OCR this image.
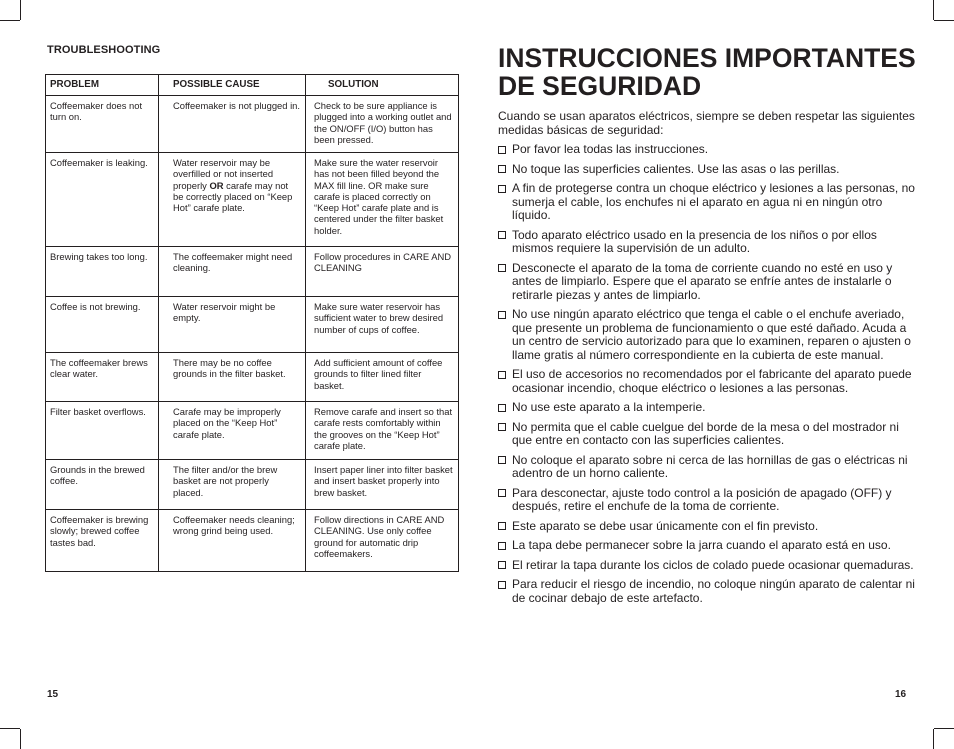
TROUBLESHOOTING
PROBLEM	POSSIBLE CAUSE	SOLUTION
Coffeemaker does not turn on.	Coffeemaker is not plugged in.	Check to be sure appliance is plugged into a working outlet and the ON/OFF (I/O) button has been pressed.
Coffeemaker is leaking.	Water reservoir may be overfilled or not inserted properly OR carafe may not be correctly placed on “Keep Hot” carafe plate.	Make sure the water reservoir has not been filled beyond the MAX fill line. OR make sure carafe is placed correctly on “Keep Hot” carafe plate and is centered under the filter basket holder.
Brewing takes too long.	The coffeemaker might need cleaning.	Follow procedures in CARE AND CLEANING
Coffee is not brewing.	Water reservoir might be empty.	Make sure water reservoir has sufficient water to brew desired number of cups of coffee.
The coffeemaker brews clear water.	There may be no coffee grounds in the filter basket.	Add sufficient amount of coffee grounds to filter lined filter basket.
Filter basket overflows.	Carafe may be improperly placed on the “Keep Hot” carafe plate.	Remove carafe and insert so that carafe rests comfortably within the grooves on the “Keep Hot” carafe plate.
Grounds in the brewed coffee.	The filter and/or the brew basket are not properly placed.	Insert paper liner into filter basket and insert basket properly into brew basket.
Coffeemaker is brewing slowly; brewed coffee tastes bad.	Coffeemaker needs cleaning; wrong grind being used.	Follow directions in CARE AND CLEANING. Use only coffee ground for automatic drip coffeemakers.
15
INSTRUCCIONES IMPORTANTES
DE SEGURIDAD

Cuando se usan aparatos eléctricos, siempre se deben respetar las siguientes medidas básicas de seguridad:

Por favor lea todas las instrucciones.
No toque las superficies calientes. Use las asas o las perillas.
A fin de protegerse contra un choque eléctrico y lesiones a las personas, no sumerja el cable, los enchufes ni el aparato en agua ni en ningún otro líquido.
Todo aparato eléctrico usado en la presencia de los niños o por ellos mismos requiere la supervisión de un adulto.
Desconecte el aparato de la toma de corriente cuando no esté en uso y antes de limpiarlo. Espere que el aparato se enfríe antes de instalarle o retirarle piezas y antes de limpiarlo.
No use ningún aparato eléctrico que tenga el cable o el enchufe averiado, que presente un problema de funcionamiento o que esté dañado. Acuda a un centro de servicio autorizado para que lo examinen, reparen o ajusten o llame gratis al número correspondiente en la cubierta de este manual.
El uso de accesorios no recomendados por el fabricante del aparato puede ocasionar incendio, choque eléctrico o lesiones a las personas.
No use este aparato a la intemperie.
No permita que el cable cuelgue del borde de la mesa o del mostrador ni que entre en contacto con las superficies calientes.
No coloque el aparato sobre ni cerca de las hornillas de gas o eléctricas ni adentro de un horno caliente.
Para desconectar, ajuste todo control a la posición de apagado (OFF) y después, retire el enchufe de la toma de corriente.
Este aparato se debe usar únicamente con el fin previsto.
La tapa debe permanecer sobre la jarra cuando el aparato está en uso.
El retirar la tapa durante los ciclos de colado puede ocasionar quemaduras.
Para reducir el riesgo de incendio, no coloque ningún aparato de calentar ni de cocinar debajo de este artefacto.
16
